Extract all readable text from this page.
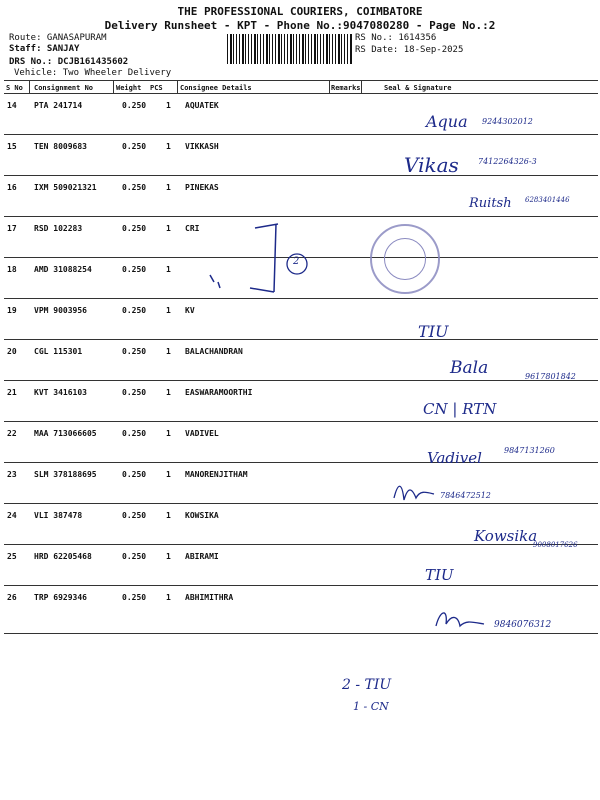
THE PROFESSIONAL COURIERS, COIMBATORE
Delivery Runsheet - KPT - Phone No.:9047080280 - Page No.:2
Route: GANASAPURAM
Staff: SANJAY
DRS No.: DCJB161435602
Vehicle: Two Wheeler Delivery
RS No.: 1614356
RS Date: 18-Sep-2025
S No Consignment No	Weight PCS Consignee Details	Remarks	Seal & Signature
14 PTA 241714	0.250 1 AQUATEK
15 TEN 8009683	0.250 1 VIKKASH
16 IXM 509021321	0.250 1 PINEKAS
17 RSD 102283	0.250 1 CRI
18 AMD 31088254	0.250 1
19 VPM 9003956	0.250 1 KV
20 CGL 115301	0.250 1 BALACHANDRAN
21 KVT 3416103	0.250 1 EASWARAMOORTHI
22 MAA 713066605	0.250 1 VADIVEL
23 SLM 378188695	0.250 1 MANORENJITHAM
24 VLI 387478	0.250 1 KOWSIKA
25 HRD 62205468	0.250 1 ABIRAMI
26 TRP 6929346	0.250 1 ABHIMITHRA
Aqua 9244302012
Vikas 7412264326-3
Ruitsh 6283401446
2
TIU
Bala	9617801842
CN | RTN
Vadivel	9847131260
7846472512
Kowsika
9008017626
TIU
9846076312
2 - TIU
1 - CN
